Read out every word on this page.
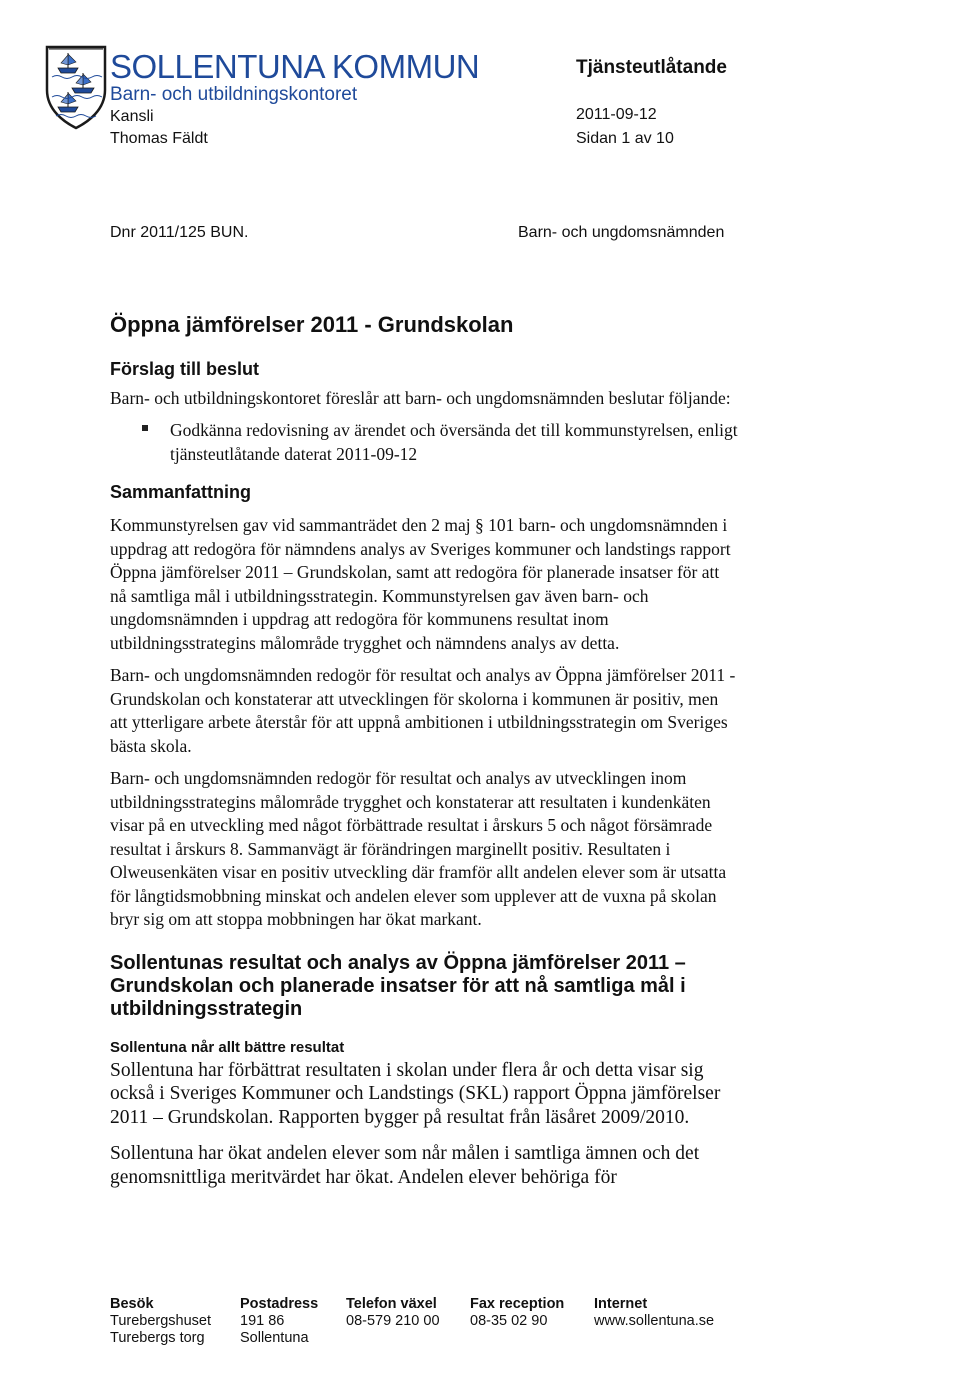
SOLLENTUNA KOMMUN
Barn- och utbildningskontoret
Kansli
Thomas Fäldt
Tjänsteutlåtande
2011-09-12
Sidan 1 av 10
Dnr 2011/125 BUN.	Barn- och ungdomsnämnden
Öppna jämförelser 2011 - Grundskolan
Förslag till beslut

Barn- och utbildningskontoret föreslår att barn- och ungdomsnämnden beslutar följande:

Godkänna redovisning av ärendet och översända det till kommunstyrelsen, enligt tjänsteutlåtande daterat 2011-09-12

Sammanfattning

Kommunstyrelsen gav vid sammanträdet den 2 maj § 101 barn- och ungdomsnämnden i uppdrag att redogöra för nämndens analys av Sveriges kommuner och landstings rapport Öppna jämförelser 2011 – Grundskolan, samt att redogöra för planerade insatser för att nå samtliga mål i utbildningsstrategin. Kommunstyrelsen gav även barn- och ungdomsnämnden i uppdrag att redogöra för kommunens resultat inom utbildningsstrategins målområde trygghet och nämndens analys av detta.

Barn- och ungdomsnämnden redogör för resultat och analys av Öppna jämförelser 2011 - Grundskolan och konstaterar att utvecklingen för skolorna i kommunen är positiv, men att ytterligare arbete återstår för att uppnå ambitionen i utbildningsstrategin om Sveriges bästa skola.

Barn- och ungdomsnämnden redogör för resultat och analys av utvecklingen inom utbildningsstrategins målområde trygghet och konstaterar att resultaten i kundenkäten visar på en utveckling med något förbättrade resultat i årskurs 5 och något försämrade resultat i årskurs 8. Sammanvägt är förändringen marginellt positiv. Resultaten i Olweusenkäten visar en positiv utveckling där framför allt andelen elever som är utsatta för långtidsmobbning minskat och andelen elever som upplever att de vuxna på skolan bryr sig om att stoppa mobbningen har ökat markant.

Sollentunas resultat och analys av Öppna jämförelser 2011 – Grundskolan och planerade insatser för att nå samtliga mål i utbildningsstrategin
Sollentuna når allt bättre resultat

Sollentuna har förbättrat resultaten i skolan under flera år och detta visar sig också i Sveriges Kommuner och Landstings (SKL) rapport Öppna jämförelser 2011 – Grundskolan. Rapporten bygger på resultat från läsåret 2009/2010.

Sollentuna har ökat andelen elever som når målen i samtliga ämnen och det genomsnittliga meritvärdet har ökat. Andelen elever behöriga för

Besök
Turebergshuset
Turebergs torg
Postadress
191 86
Sollentuna
Telefon växel
08-579 210 00
Fax reception
08-35 02 90
Internet
www.sollentuna.se
